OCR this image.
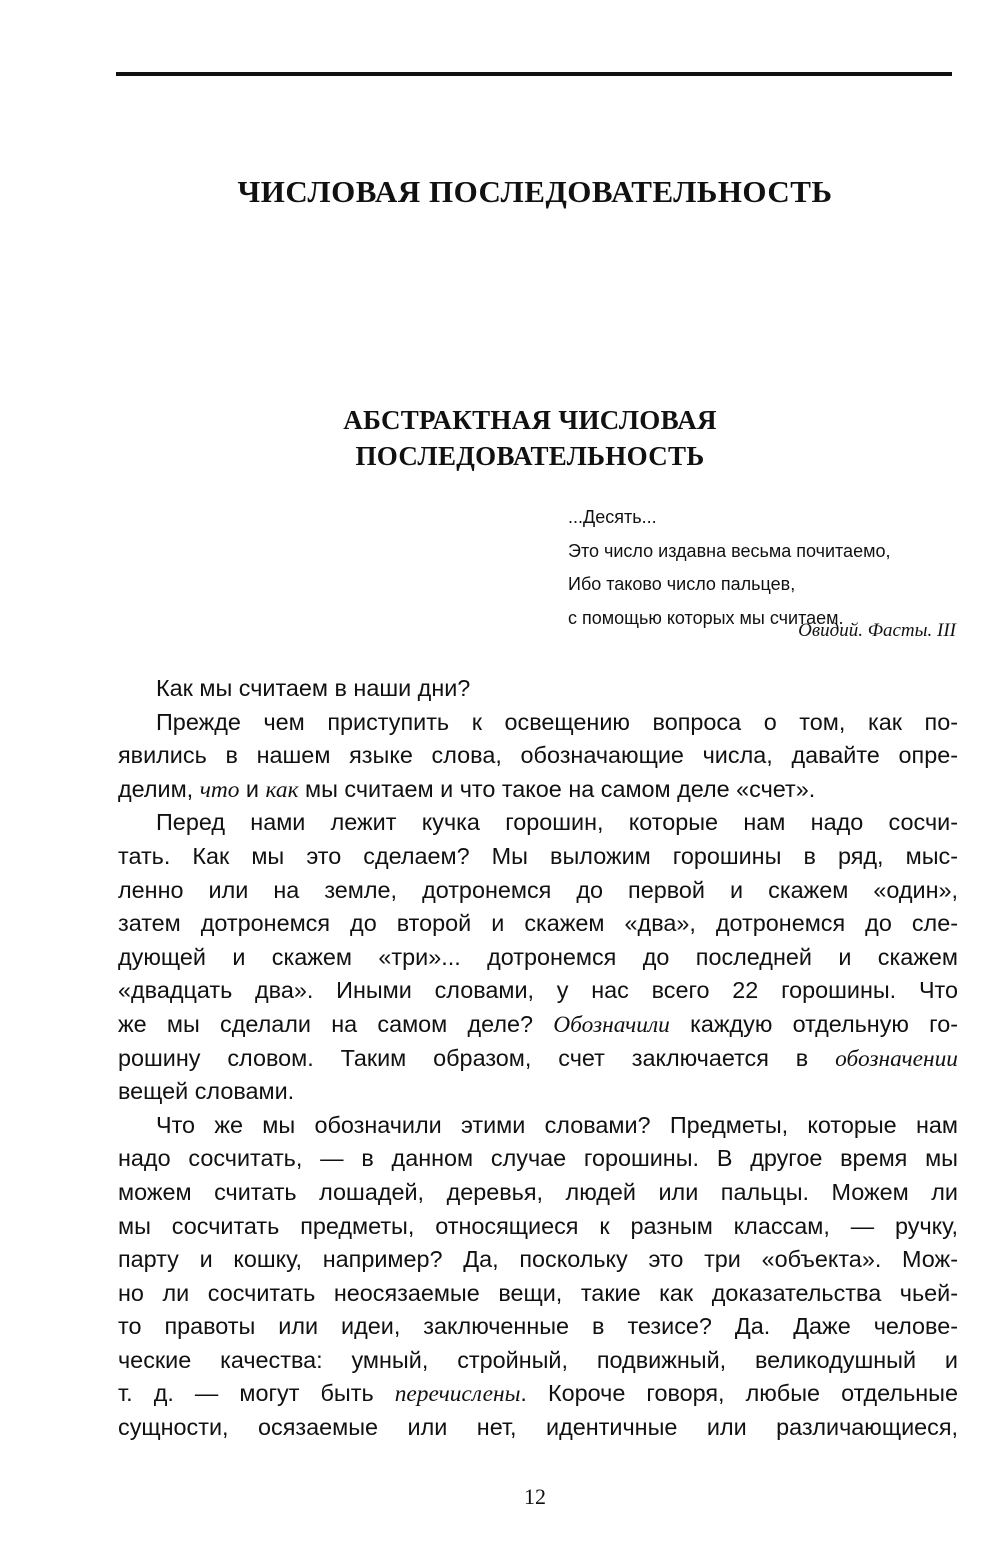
ЧИСЛОВАЯ ПОСЛЕДОВАТЕЛЬНОСТЬ
АБСТРАКТНАЯ ЧИСЛОВАЯ
ПОСЛЕДОВАТЕЛЬНОСТЬ
...Десять...
Это число издавна весьма почитаемо,
Ибо таково число пальцев,
с помощью которых мы считаем.
Овидий. Фасты. III
Как мы считаем в наши дни?
Прежде чем приступить к освещению вопроса о том, как по-
явились в нашем языке слова, обозначающие числа, давайте опре-
делим, что и как мы считаем и что такое на самом деле «счет».
Перед нами лежит кучка горошин, которые нам надо сосчи-
тать. Как мы это сделаем? Мы выложим горошины в ряд, мыс-
ленно или на земле, дотронемся до первой и скажем «один»,
затем дотронемся до второй и скажем «два», дотронемся до сле-
дующей и скажем «три»... дотронемся до последней и скажем
«двадцать два». Иными словами, у нас всего 22 горошины. Что
же мы сделали на самом деле? Обозначили каждую отдельную го-
рошину словом. Таким образом, счет заключается в обозначении
вещей словами.
Что же мы обозначили этими словами? Предметы, которые нам
надо сосчитать, — в данном случае горошины. В другое время мы
можем считать лошадей, деревья, людей или пальцы. Можем ли
мы сосчитать предметы, относящиеся к разным классам, — ручку,
парту и кошку, например? Да, поскольку это три «объекта». Мож-
но ли сосчитать неосязаемые вещи, такие как доказательства чьей-
то правоты или идеи, заключенные в тезисе? Да. Даже челове-
ческие качества: умный, стройный, подвижный, великодушный и
т. д. — могут быть перечислены. Короче говоря, любые отдельные
сущности, осязаемые или нет, идентичные или различающиеся,
12
